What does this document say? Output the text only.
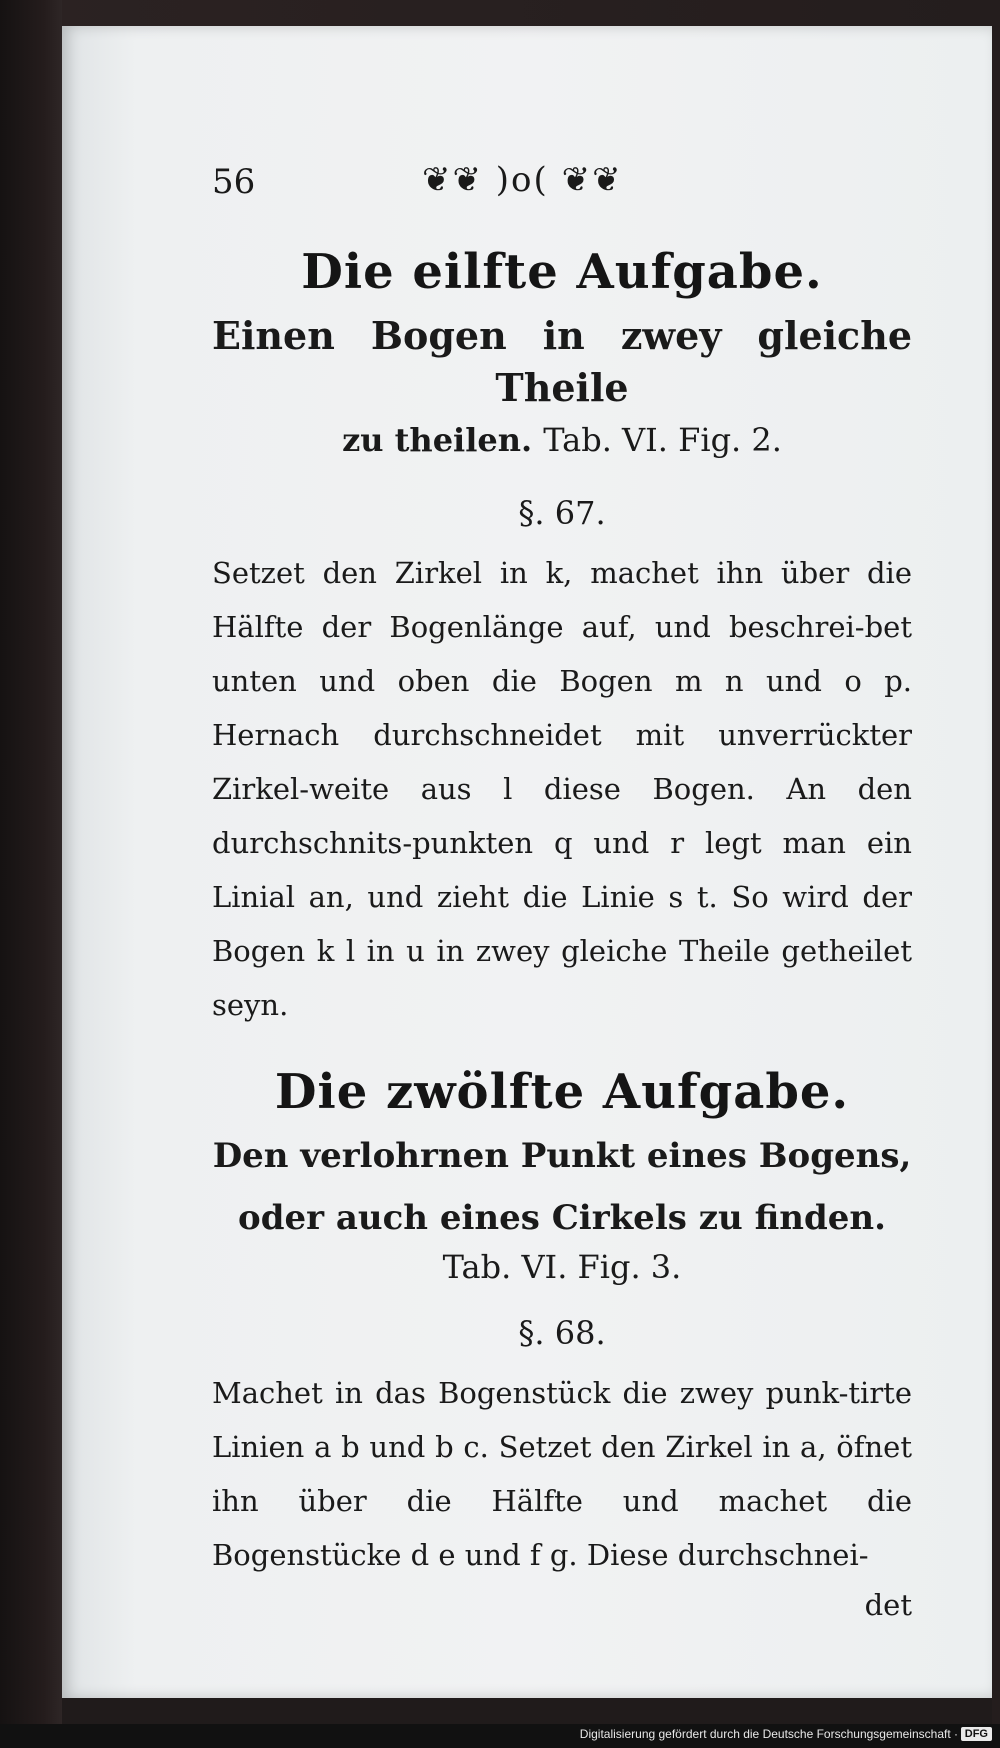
56	❦❦ )o( ❦❦
Die eilfte Aufgabe.
Einen Bogen in zwey gleiche Theile
zu theilen. Tab. VI. Fig. 2.
§. 67.

Setzet den Zirkel in k, machet ihn über die Hälfte der Bogenlänge auf, und beschrei-bet unten und oben die Bogen m n und o p. Hernach durchschneidet mit unverrückter Zirkel-weite aus l diese Bogen. An den durchschnits-punkten q und r legt man ein Linial an, und zieht die Linie s t. So wird der Bogen k l in u in zwey gleiche Theile getheilet seyn.

Die zwölfte Aufgabe.
Den verlohrnen Punkt eines Bogens,
oder auch eines Cirkels zu finden.
Tab. VI. Fig. 3.
§. 68.

Machet in das Bogenstück die zwey punk-tirte Linien a b und b c. Setzet den Zirkel in a, öfnet ihn über die Hälfte und machet die Bogenstücke d e und f g. Diese durchschnei-

det
Digitalisierung gefördert durch die Deutsche Forschungsgemeinschaft · DFG
